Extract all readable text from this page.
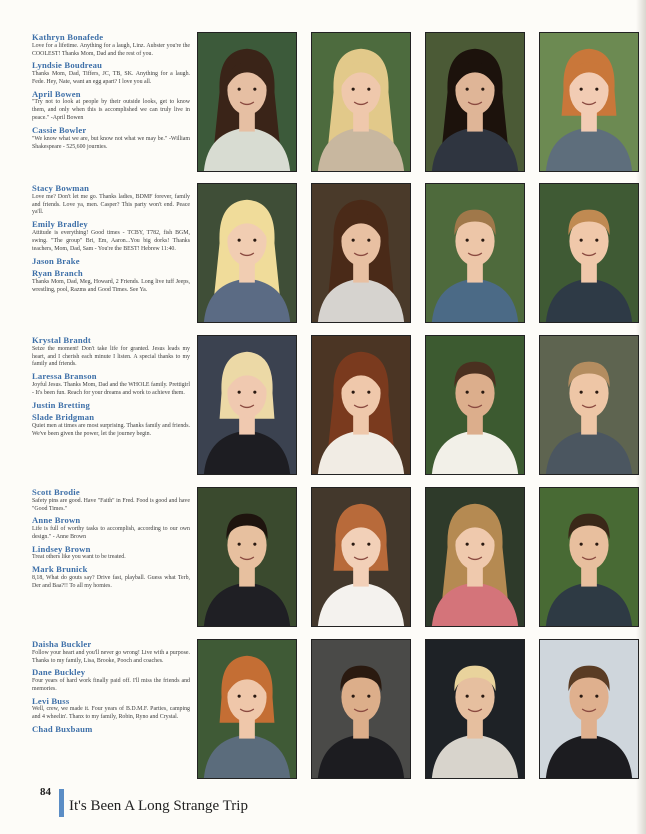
Kathryn Bonafede
Love for a lifetime. Anything for a laugh, Linz. Aubster you're the COOLEST! Thanks Mom, Dad and the rest of you.
Lyndsie Boudreau
Thanks Mom, Dad, Tiffers, JC, TB, SK. Anything for a laugh. Fede. Hey, Nate, want an egg apart? I love you all.
April Bowen
"Try not to look at people by their outside looks, get to know them, and only when this is accomplished we can truly live in peace." -April Bowen
Cassie Bowler
"We know what we are, but know not what we may be." -William Shakespeare - 525,600 journies.
Stacy Bowman
Love me? Don't let me go. Thanks ladies, BDMF forever, family and friends. Love ya, men. Casper? This party won't end. Peace ya'll.
Emily Bradley
Attitude is everything! Good times - TCBY, T782, fish BGM, swing. "The group" Bri, Em, Aaron...You big dorks! Thanks teachers, Mom, Dad, Sam - You're the BEST! Hebrew 11:40.
Jason Brake
Ryan Branch
Thanks Mom, Dad, Meg, Howard, 2 Friends. Long live tuff Jeeps, wrestling, pool, Razms and Good Times. See Ya.
Krystal Brandt
Seize the moment! Don't take life for granted. Jesus leads my heart, and I cherish each minute I listen. A special thanks to my family and friends.
Laressa Branson
Joyful Jesus. Thanks Mom, Dad and the WHOLE family. Prettigirl - It's been fun. Reach for your dreams and work to achieve them.
Justin Bretting
Slade Bridgman
Quiet men at times are most surprising. Thanks family and friends. We've been given the power, let the journey begin.
Scott Brodie
Safety pins are good. Have "Faith" in Fred. Food is good and have "Good Times."
Anne Brown
Life is full of worthy tasks to accomplish, according to our own design." - Anne Brown
Lindsey Brown
Treat others like you want to be treated.
Mark Brunick
8,18, What do gouts say? Drive fast, playball. Guess what Terb, Der and Baa?!! To all my homies.
Daisha Buckler
Follow your heart and you'll never go wrong! Live with a purpose. Thanks to my family, Lisa, Brooke, Pooch and coaches.
Dane Buckley
Four years of hard work finally paid off. I'll miss the friends and memories.
Levi Buss
Well, crew, we made it. Four years of B.D.M.F. Parties, camping and 4 wheelin'. Thanx to my family, Robin, Ryno and Crystal.
Chad Buxbaum
84
It's Been A Long Strange Trip
